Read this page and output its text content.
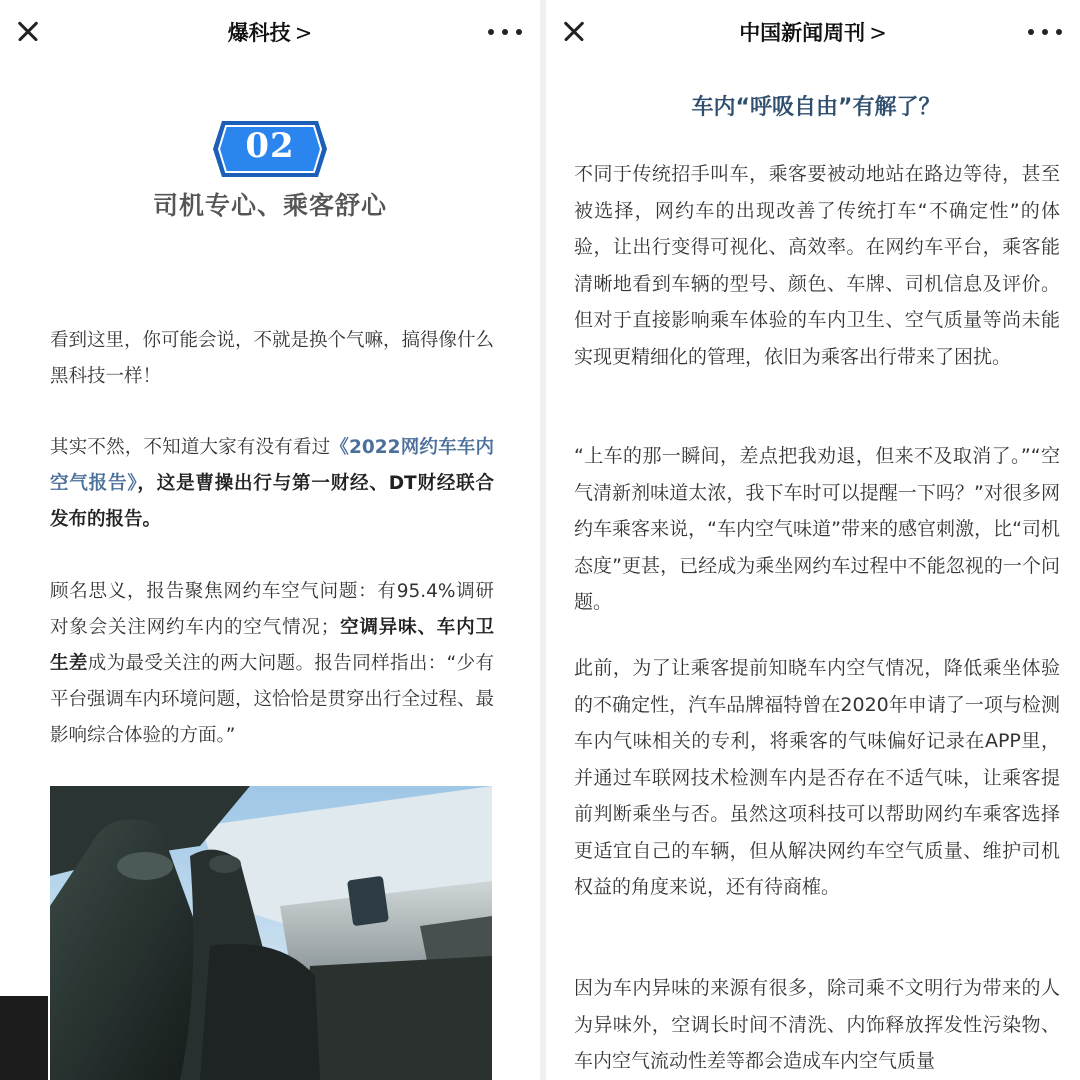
爆科技 >
02
司机专心、乘客舒心

看到这里，你可能会说，不就是换个气嘛，搞得像什么黑科技一样！

其实不然，不知道大家有没有看过《2022网约车车内空气报告》，这是曹操出行与第一财经、DT财经联合发布的报告。

顾名思义，报告聚焦网约车空气问题：有95.4%调研对象会关注网约车内的空气情况；空调异味、车内卫生差成为最受关注的两大问题。报告同样指出：“少有平台强调车内环境问题，这恰恰是贯穿出行全过程、最影响综合体验的方面。”

中国新闻周刊 >
车内“呼吸自由”有解了？

不同于传统招手叫车，乘客要被动地站在路边等待，甚至被选择，网约车的出现改善了传统打车“不确定性”的体验，让出行变得可视化、高效率。在网约车平台，乘客能清晰地看到车辆的型号、颜色、车牌、司机信息及评价。但对于直接影响乘车体验的车内卫生、空气质量等尚未能实现更精细化的管理，依旧为乘客出行带来了困扰。

“上车的那一瞬间，差点把我劝退，但来不及取消了。”“空气清新剂味道太浓，我下车时可以提醒一下吗？”对很多网约车乘客来说，“车内空气味道”带来的感官刺激，比“司机态度”更甚，已经成为乘坐网约车过程中不能忽视的一个问题。

此前，为了让乘客提前知晓车内空气情况，降低乘坐体验的不确定性，汽车品牌福特曾在2020年申请了一项与检测车内气味相关的专利，将乘客的气味偏好记录在APP里，并通过车联网技术检测车内是否存在不适气味，让乘客提前判断乘坐与否。虽然这项科技可以帮助网约车乘客选择更适宜自己的车辆，但从解决网约车空气质量、维护司机权益的角度来说，还有待商榷。

因为车内异味的来源有很多，除司乘不文明行为带来的人为异味外，空调长时间不清洗、内饰释放挥发性污染物、车内空气流动性差等都会造成车内空气质量
